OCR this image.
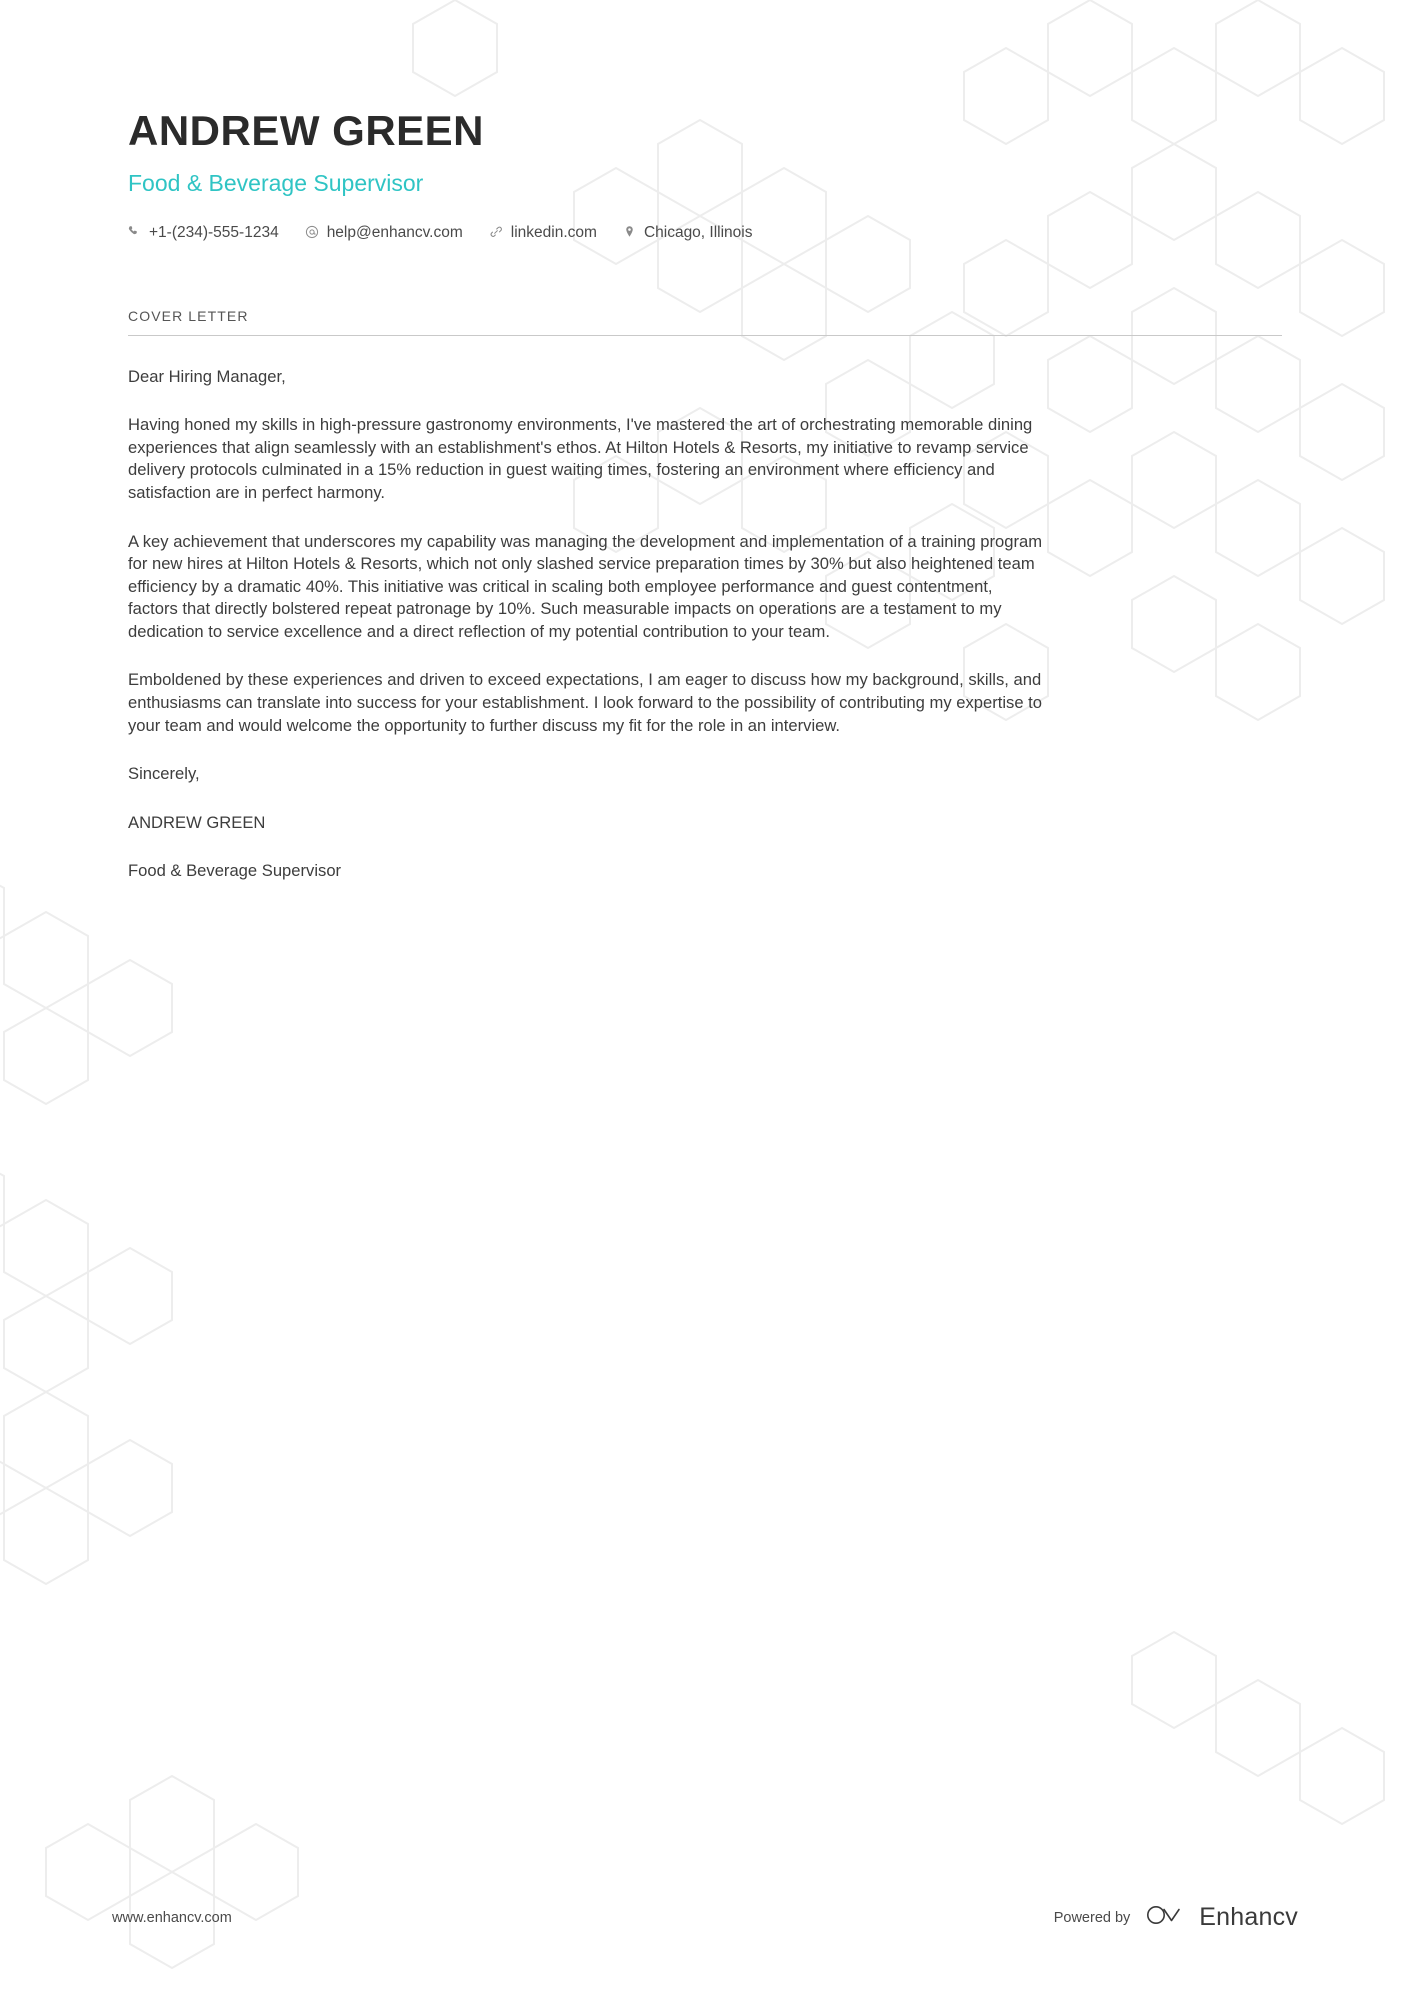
ANDREW GREEN
Food & Beverage Supervisor
+1-(234)-555-1234	help@enhancv.com	linkedin.com	Chicago, Illinois
COVER LETTER

Dear Hiring Manager,

Having honed my skills in high-pressure gastronomy environments, I've mastered the art of orchestrating memorable dining experiences that align seamlessly with an establishment's ethos. At Hilton Hotels & Resorts, my initiative to revamp service delivery protocols culminated in a 15% reduction in guest waiting times, fostering an environment where efficiency and satisfaction are in perfect harmony.

A key achievement that underscores my capability was managing the development and implementation of a training program for new hires at Hilton Hotels & Resorts, which not only slashed service preparation times by 30% but also heightened team efficiency by a dramatic 40%. This initiative was critical in scaling both employee performance and guest contentment, factors that directly bolstered repeat patronage by 10%. Such measurable impacts on operations are a testament to my dedication to service excellence and a direct reflection of my potential contribution to your team.

Emboldened by these experiences and driven to exceed expectations, I am eager to discuss how my background, skills, and enthusiasms can translate into success for your establishment. I look forward to the possibility of contributing my expertise to your team and would welcome the opportunity to further discuss my fit for the role in an interview.

Sincerely,

ANDREW GREEN

Food & Beverage Supervisor

www.enhancv.com	Powered by	Enhancv
